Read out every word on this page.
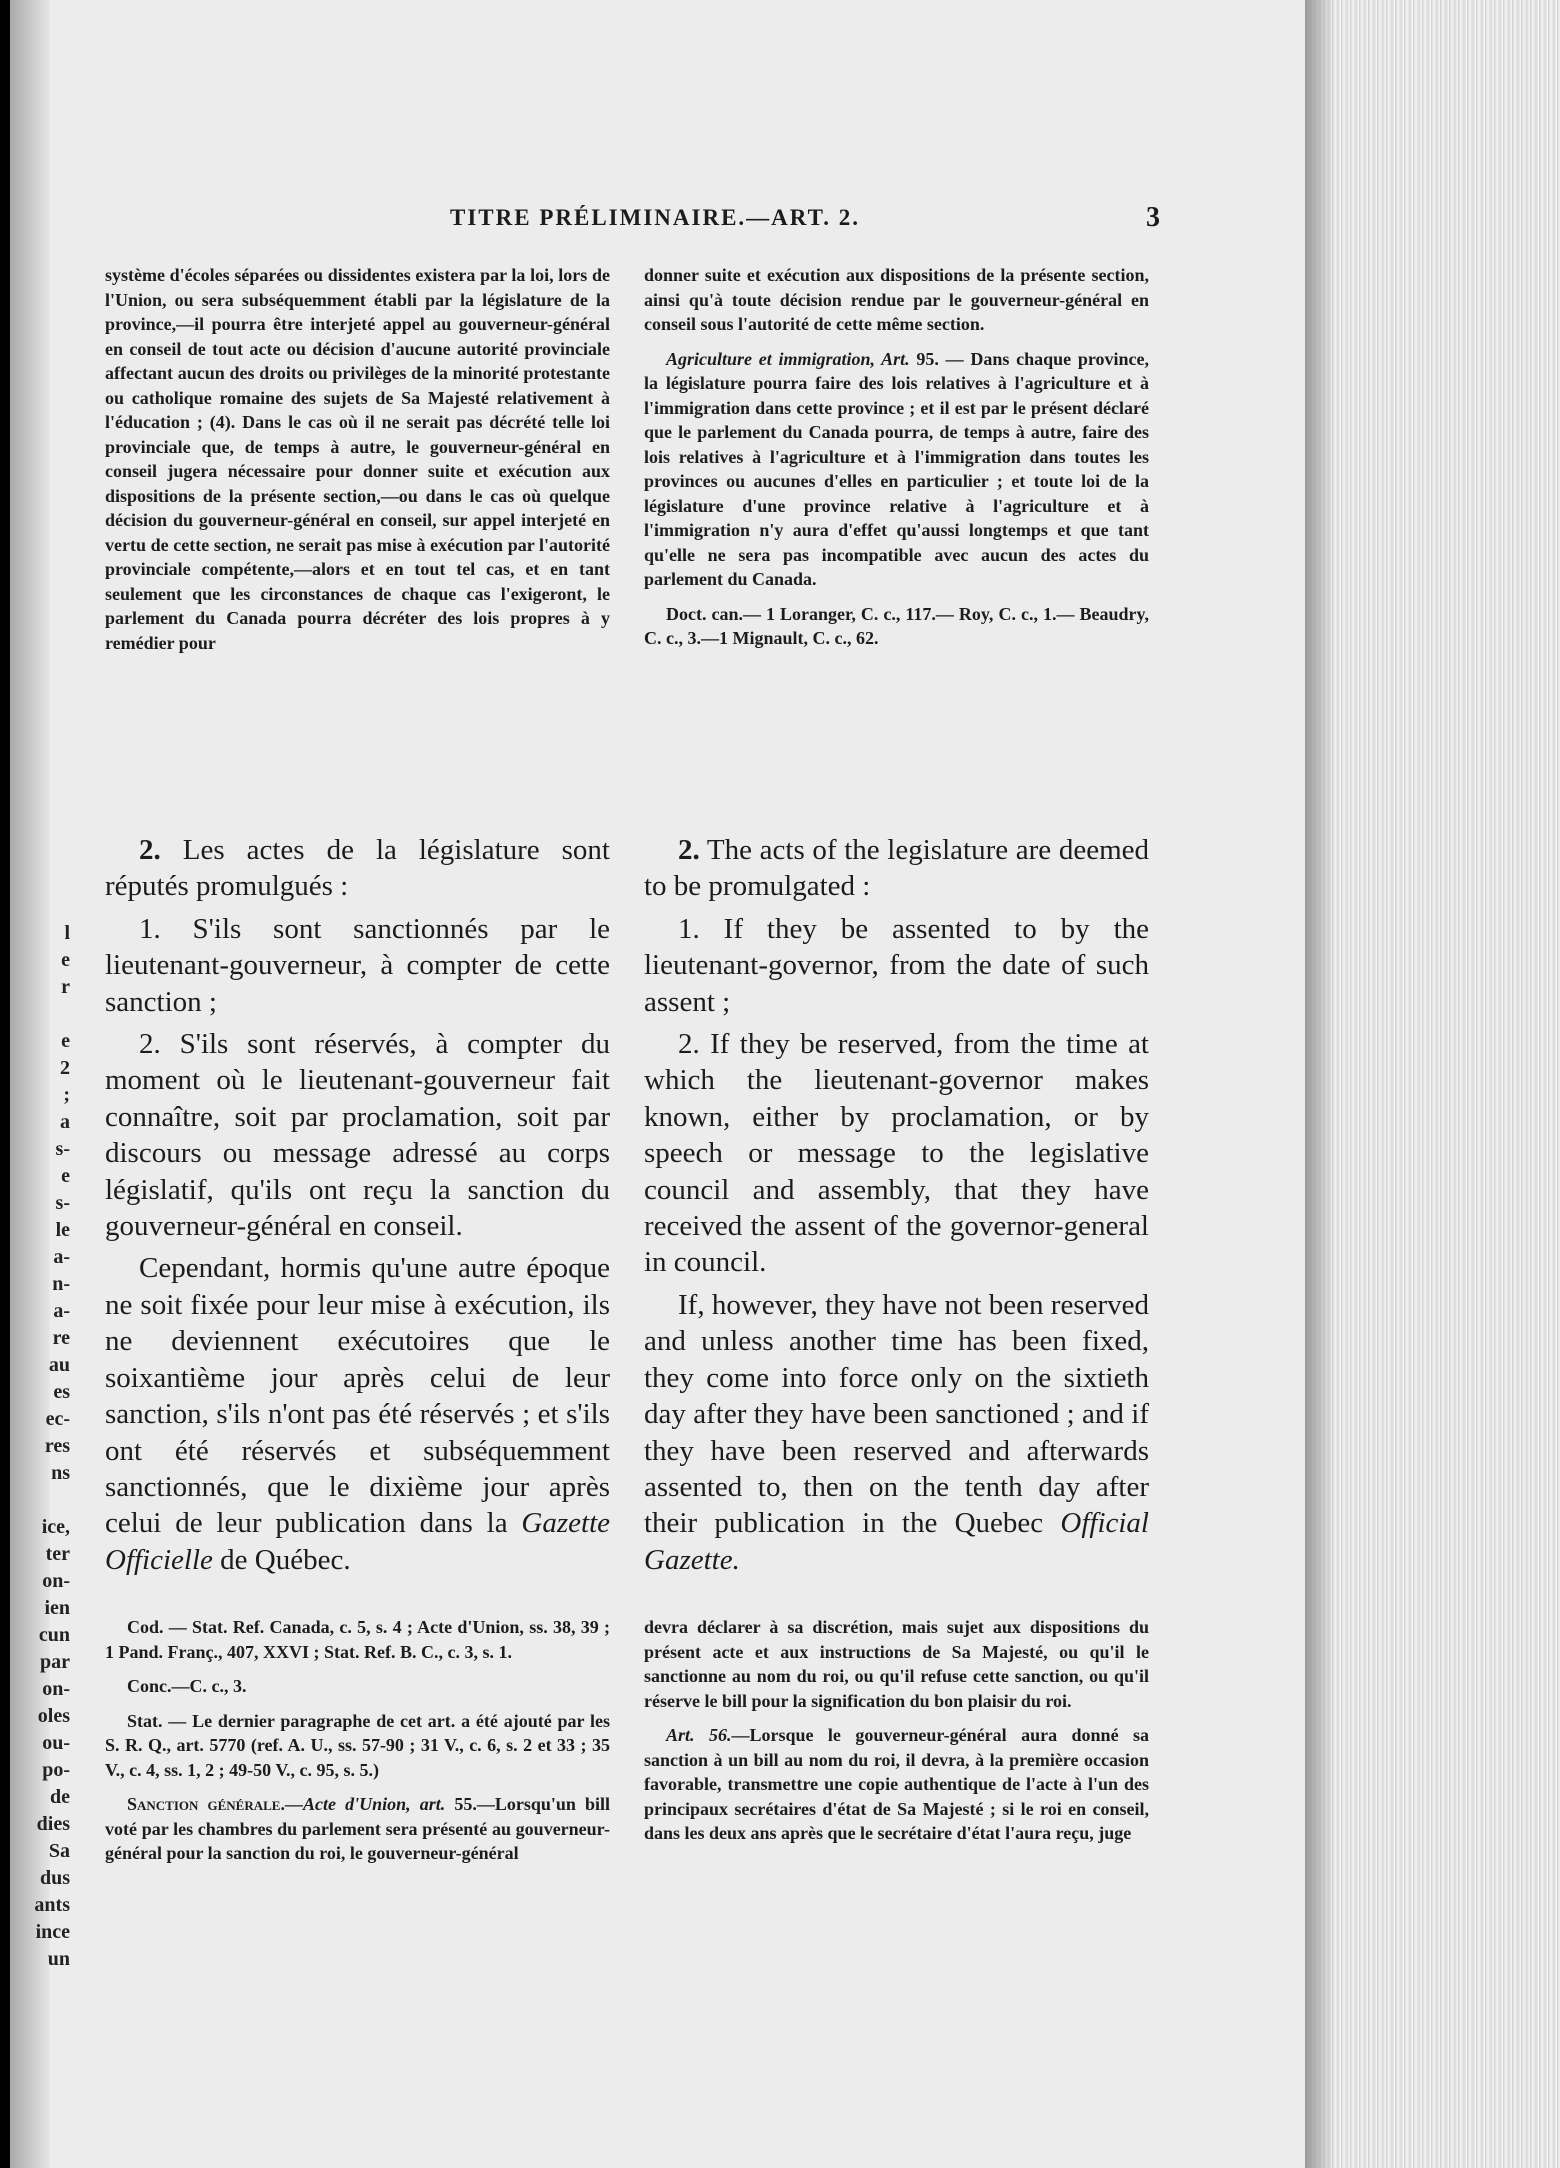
l
e
r
e
2
;
a
s-
e
s-
le
a-
n-
a-
re
au
es
ec-
res
ns
ice,
ter
on-
ien
cun
par
on-
oles
ou-
po-
de
dies
Sa
dus
ants
ince
un
TITRE PRÉLIMINAIRE.—ART. 2.	3

système d'écoles séparées ou dissidentes existera par la loi, lors de l'Union, ou sera subséquemment établi par la législature de la province,—il pourra être interjeté appel au gouverneur-général en conseil de tout acte ou décision d'aucune autorité provinciale affectant aucun des droits ou privilèges de la minorité protestante ou catholique romaine des sujets de Sa Majesté relativement à l'éducation ; (4). Dans le cas où il ne serait pas décrété telle loi provinciale que, de temps à autre, le gouverneur-général en conseil jugera nécessaire pour donner suite et exécution aux dispositions de la présente section,—ou dans le cas où quelque décision du gouverneur-général en conseil, sur appel interjeté en vertu de cette section, ne serait pas mise à exécution par l'autorité provinciale compétente,—alors et en tout tel cas, et en tant seulement que les circonstances de chaque cas l'exigeront, le parlement du Canada pourra décréter des lois propres à y remédier pour

donner suite et exécution aux dispositions de la présente section, ainsi qu'à toute décision rendue par le gouverneur-général en conseil sous l'autorité de cette même section.

Agriculture et immigration, Art. 95. — Dans chaque province, la législature pourra faire des lois relatives à l'agriculture et à l'immigration dans cette province ; et il est par le présent déclaré que le parlement du Canada pourra, de temps à autre, faire des lois relatives à l'agriculture et à l'immigration dans toutes les provinces ou aucunes d'elles en particulier ; et toute loi de la législature d'une province relative à l'agriculture et à l'immigration n'y aura d'effet qu'aussi longtemps et que tant qu'elle ne sera pas incompatible avec aucun des actes du parlement du Canada.

Doct. can.— 1 Loranger, C. c., 117.— Roy, C. c., 1.— Beaudry, C. c., 3.—1 Mignault, C. c., 62.

2. Les actes de la législature sont réputés promulgués :

1. S'ils sont sanctionnés par le lieutenant-gouverneur, à compter de cette sanction ;

2. S'ils sont réservés, à compter du moment où le lieutenant-gouverneur fait connaître, soit par proclamation, soit par discours ou message adressé au corps législatif, qu'ils ont reçu la sanction du gouverneur-général en conseil.

Cependant, hormis qu'une autre époque ne soit fixée pour leur mise à exécution, ils ne deviennent exécutoires que le soixantième jour après celui de leur sanction, s'ils n'ont pas été réservés ; et s'ils ont été réservés et subséquemment sanctionnés, que le dixième jour après celui de leur publication dans la Gazette Officielle de Québec.

2. The acts of the legislature are deemed to be promulgated :

1. If they be assented to by the lieutenant-governor, from the date of such assent ;

2. If they be reserved, from the time at which the lieutenant-governor makes known, either by proclamation, or by speech or message to the legislative council and assembly, that they have received the assent of the governor-general in council.

If, however, they have not been reserved and unless another time has been fixed, they come into force only on the sixtieth day after they have been sanctioned ; and if they have been reserved and afterwards assented to, then on the tenth day after their publication in the Quebec Official Gazette.

Cod. — Stat. Ref. Canada, c. 5, s. 4 ; Acte d'Union, ss. 38, 39 ; 1 Pand. Franç., 407, XXVI ; Stat. Ref. B. C., c. 3, s. 1.

Conc.—C. c., 3.

Stat. — Le dernier paragraphe de cet art. a été ajouté par les S. R. Q., art. 5770 (ref. A. U., ss. 57-90 ; 31 V., c. 6, s. 2 et 33 ; 35 V., c. 4, ss. 1, 2 ; 49-50 V., c. 95, s. 5.)

Sanction générale.—Acte d'Union, art. 55.—Lorsqu'un bill voté par les chambres du parlement sera présenté au gouverneur-général pour la sanction du roi, le gouverneur-général

devra déclarer à sa discrétion, mais sujet aux dispositions du présent acte et aux instructions de Sa Majesté, ou qu'il le sanctionne au nom du roi, ou qu'il refuse cette sanction, ou qu'il réserve le bill pour la signification du bon plaisir du roi.

Art. 56.—Lorsque le gouverneur-général aura donné sa sanction à un bill au nom du roi, il devra, à la première occasion favorable, transmettre une copie authentique de l'acte à l'un des principaux secrétaires d'état de Sa Majesté ; si le roi en conseil, dans les deux ans après que le secrétaire d'état l'aura reçu, juge
